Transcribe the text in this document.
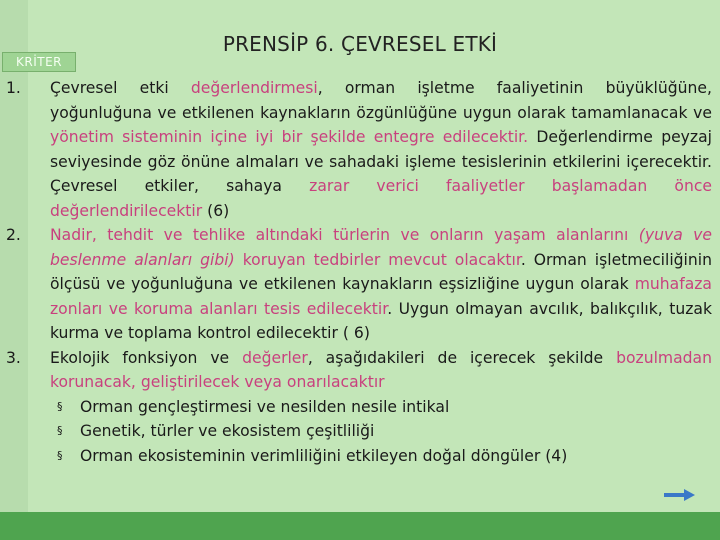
KRİTER
PRENSİP 6. ÇEVRESEL ETKİ
1. Çevresel etki değerlendirmesi, orman işletme faaliyetinin büyüklüğüne, yoğunluğuna ve etkilenen kaynakların özgünlüğüne uygun olarak tamamlanacak ve yönetim sisteminin içine iyi bir şekilde entegre edilecektir. Değerlendirme peyzaj seviyesinde göz önüne almaları ve sahadaki işleme tesislerinin etkilerini içerecektir. Çevresel etkiler, sahaya zarar verici faaliyetler başlamadan önce değerlendirilecektir (6)
2. Nadir, tehdit ve tehlike altındaki türlerin ve onların yaşam alanlarını (yuva ve beslenme alanları gibi) koruyan tedbirler mevcut olacaktır. Orman işletmeciliğinin ölçüsü ve yoğunluğuna ve etkilenen kaynakların eşsizliğine uygun olarak muhafaza zonları ve koruma alanları tesis edilecektir. Uygun olmayan avcılık, balıkçılık, tuzak kurma ve toplama kontrol edilecektir ( 6)
3. Ekolojik fonksiyon ve değerler, aşağıdakileri de içerecek şekilde bozulmadan korunacak, geliştirilecek veya onarılacaktır
§ Orman gençleştirmesi ve nesilden nesile intikal
§ Genetik, türler ve ekosistem çeşitliliği
§ Orman ekosisteminin verimliliğini etkileyen doğal döngüler (4)
